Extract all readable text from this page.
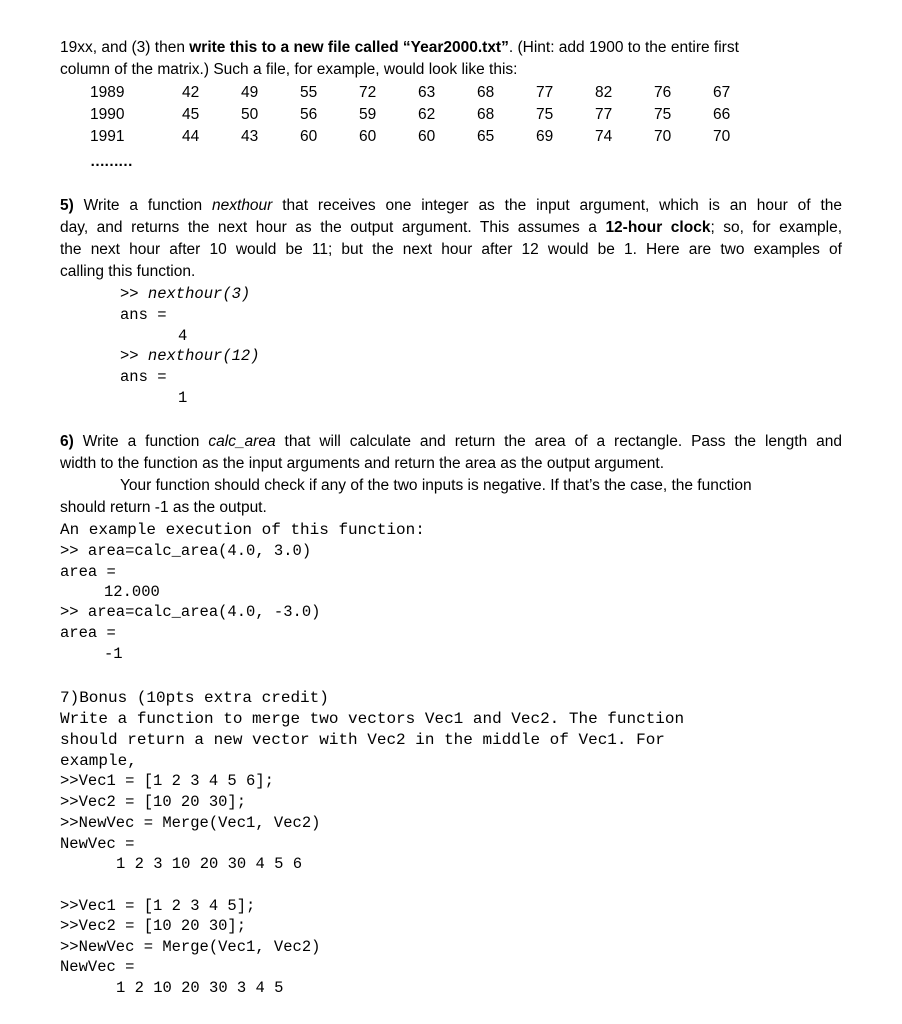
19xx, and (3) then write this to a new file called “Year2000.txt”. (Hint: add 1900 to the entire first
column of the matrix.) Such a file, for example, would look like this:
1989	42	49	55	72	63	68	77	82	76	67
1990	45	50	56	59	62	68	75	77	75	66
1991	44	43	60	60	60	65	69	74	70	70
………
5) Write a function nexthour that receives one integer as the input argument, which is an hour of the
day, and returns the next hour as the output argument. This assumes a 12-hour clock; so, for example,
the next hour after 10 would be 11; but the next hour after 12 would be 1. Here are two examples of
calling this function.
>> nexthour(3)
ans =
4
>> nexthour(12)
ans =
1
6) Write a function calc_area that will calculate and return the area of a rectangle. Pass the length and
width to the function as the input arguments and return the area as the output argument.
Your function should check if any of the two inputs is negative. If that’s the case, the function
should return -1 as the output.
An example execution of this function:
>> area=calc_area(4.0, 3.0)
area =
12.000
>> area=calc_area(4.0, -3.0)
area =
-1
7)Bonus (10pts extra credit)
Write a function to merge two vectors Vec1 and Vec2. The function
should return a new vector with Vec2 in the middle of Vec1. For
example,
>>Vec1 = [1 2 3 4 5 6];
>>Vec2 = [10 20 30];
>>NewVec = Merge(Vec1, Vec2)
NewVec =
1 2 3 10 20 30 4 5 6
>>Vec1 = [1 2 3 4 5];
>>Vec2 = [10 20 30];
>>NewVec = Merge(Vec1, Vec2)
NewVec =
1 2 10 20 30 3 4 5
